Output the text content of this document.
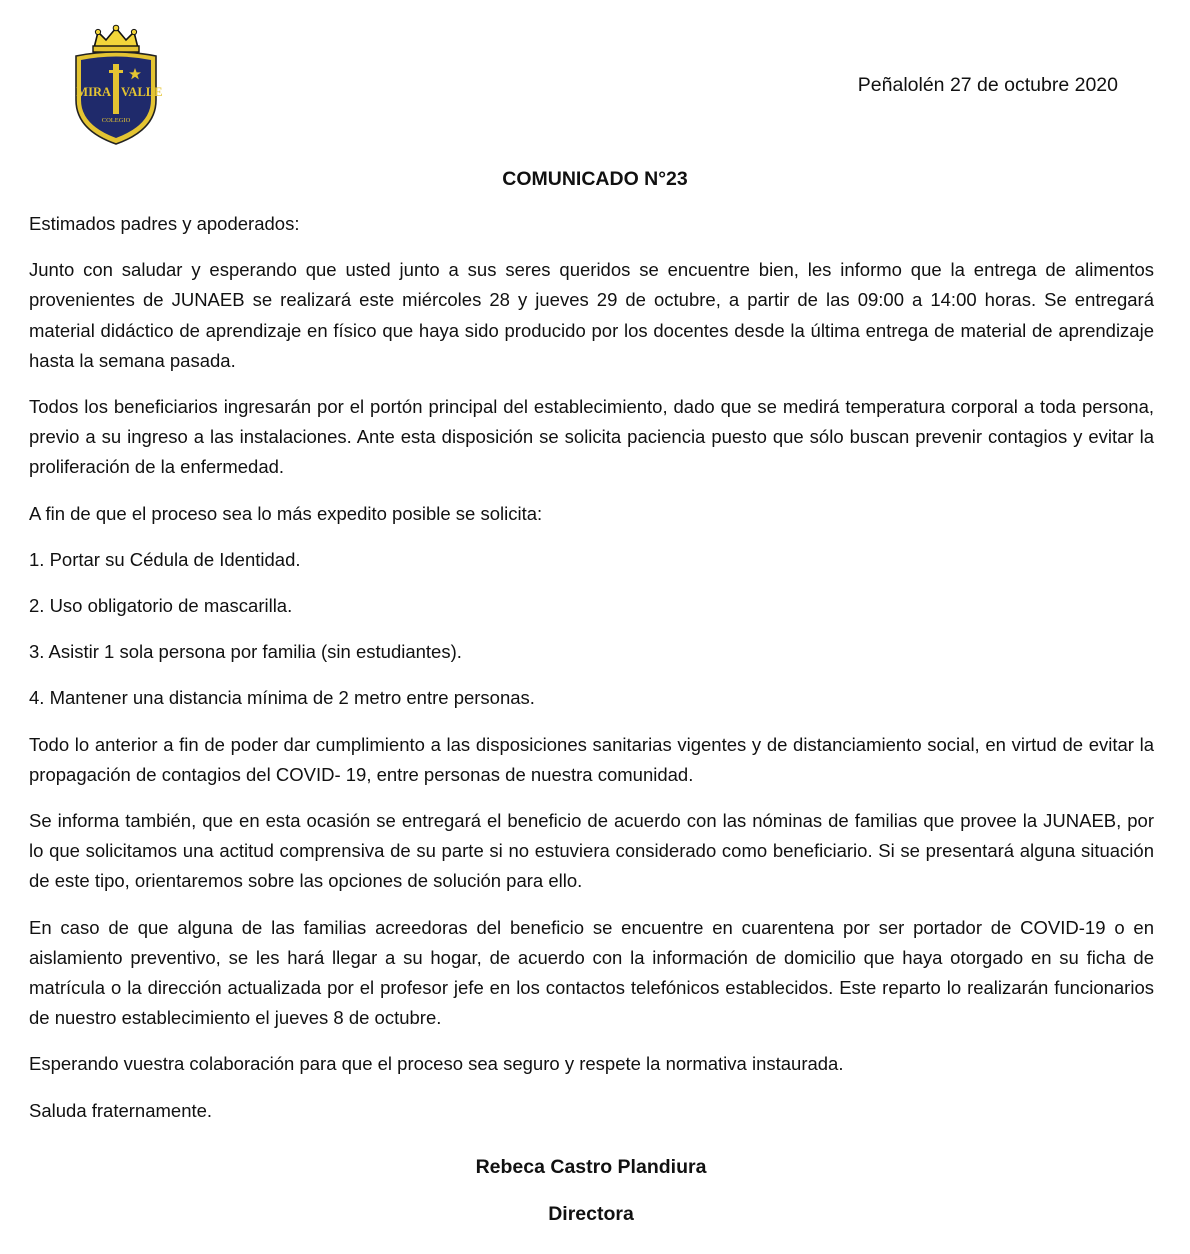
MIRA VALLE
COLEGIO
Peñalolén 27 de octubre 2020
COMUNICADO N°23

Estimados padres y apoderados:

Junto con saludar y esperando que usted junto a sus seres queridos se encuentre bien, les informo que la entrega de alimentos provenientes de JUNAEB se realizará este miércoles 28 y jueves 29 de octubre, a partir de las 09:00 a 14:00 horas. Se entregará material didáctico de aprendizaje en físico que haya sido producido por los docentes desde la última entrega de material de aprendizaje hasta la semana pasada.

Todos los beneficiarios ingresarán por el portón principal del establecimiento, dado que se medirá temperatura corporal a toda persona, previo a su ingreso a las instalaciones. Ante esta disposición se solicita paciencia puesto que sólo buscan prevenir contagios y evitar la proliferación de la enfermedad.

A fin de que el proceso sea lo más expedito posible se solicita:

1. Portar su Cédula de Identidad.

2. Uso obligatorio de mascarilla.

3. Asistir 1 sola persona por familia (sin estudiantes).

4. Mantener una distancia mínima de 2 metro entre personas.

Todo lo anterior a fin de poder dar cumplimiento a las disposiciones sanitarias vigentes y de distanciamiento social, en virtud de evitar la propagación de contagios del COVID- 19, entre personas de nuestra comunidad.

Se informa también, que en esta ocasión se entregará el beneficio de acuerdo con las nóminas de familias que provee la JUNAEB, por lo que solicitamos una actitud comprensiva de su parte si no estuviera considerado como beneficiario. Si se presentará alguna situación de este tipo, orientaremos sobre las opciones de solución para ello.

En caso de que alguna de las familias acreedoras del beneficio se encuentre en cuarentena por ser portador de COVID-19 o en aislamiento preventivo, se les hará llegar a su hogar, de acuerdo con la información de domicilio que haya otorgado en su ficha de matrícula o la dirección actualizada por el profesor jefe en los contactos telefónicos establecidos. Este reparto lo realizarán funcionarios de nuestro establecimiento el jueves 8 de octubre.

Esperando vuestra colaboración para que el proceso sea seguro y respete la normativa instaurada.

Saluda fraternamente.

Rebeca Castro Plandiura
Directora
